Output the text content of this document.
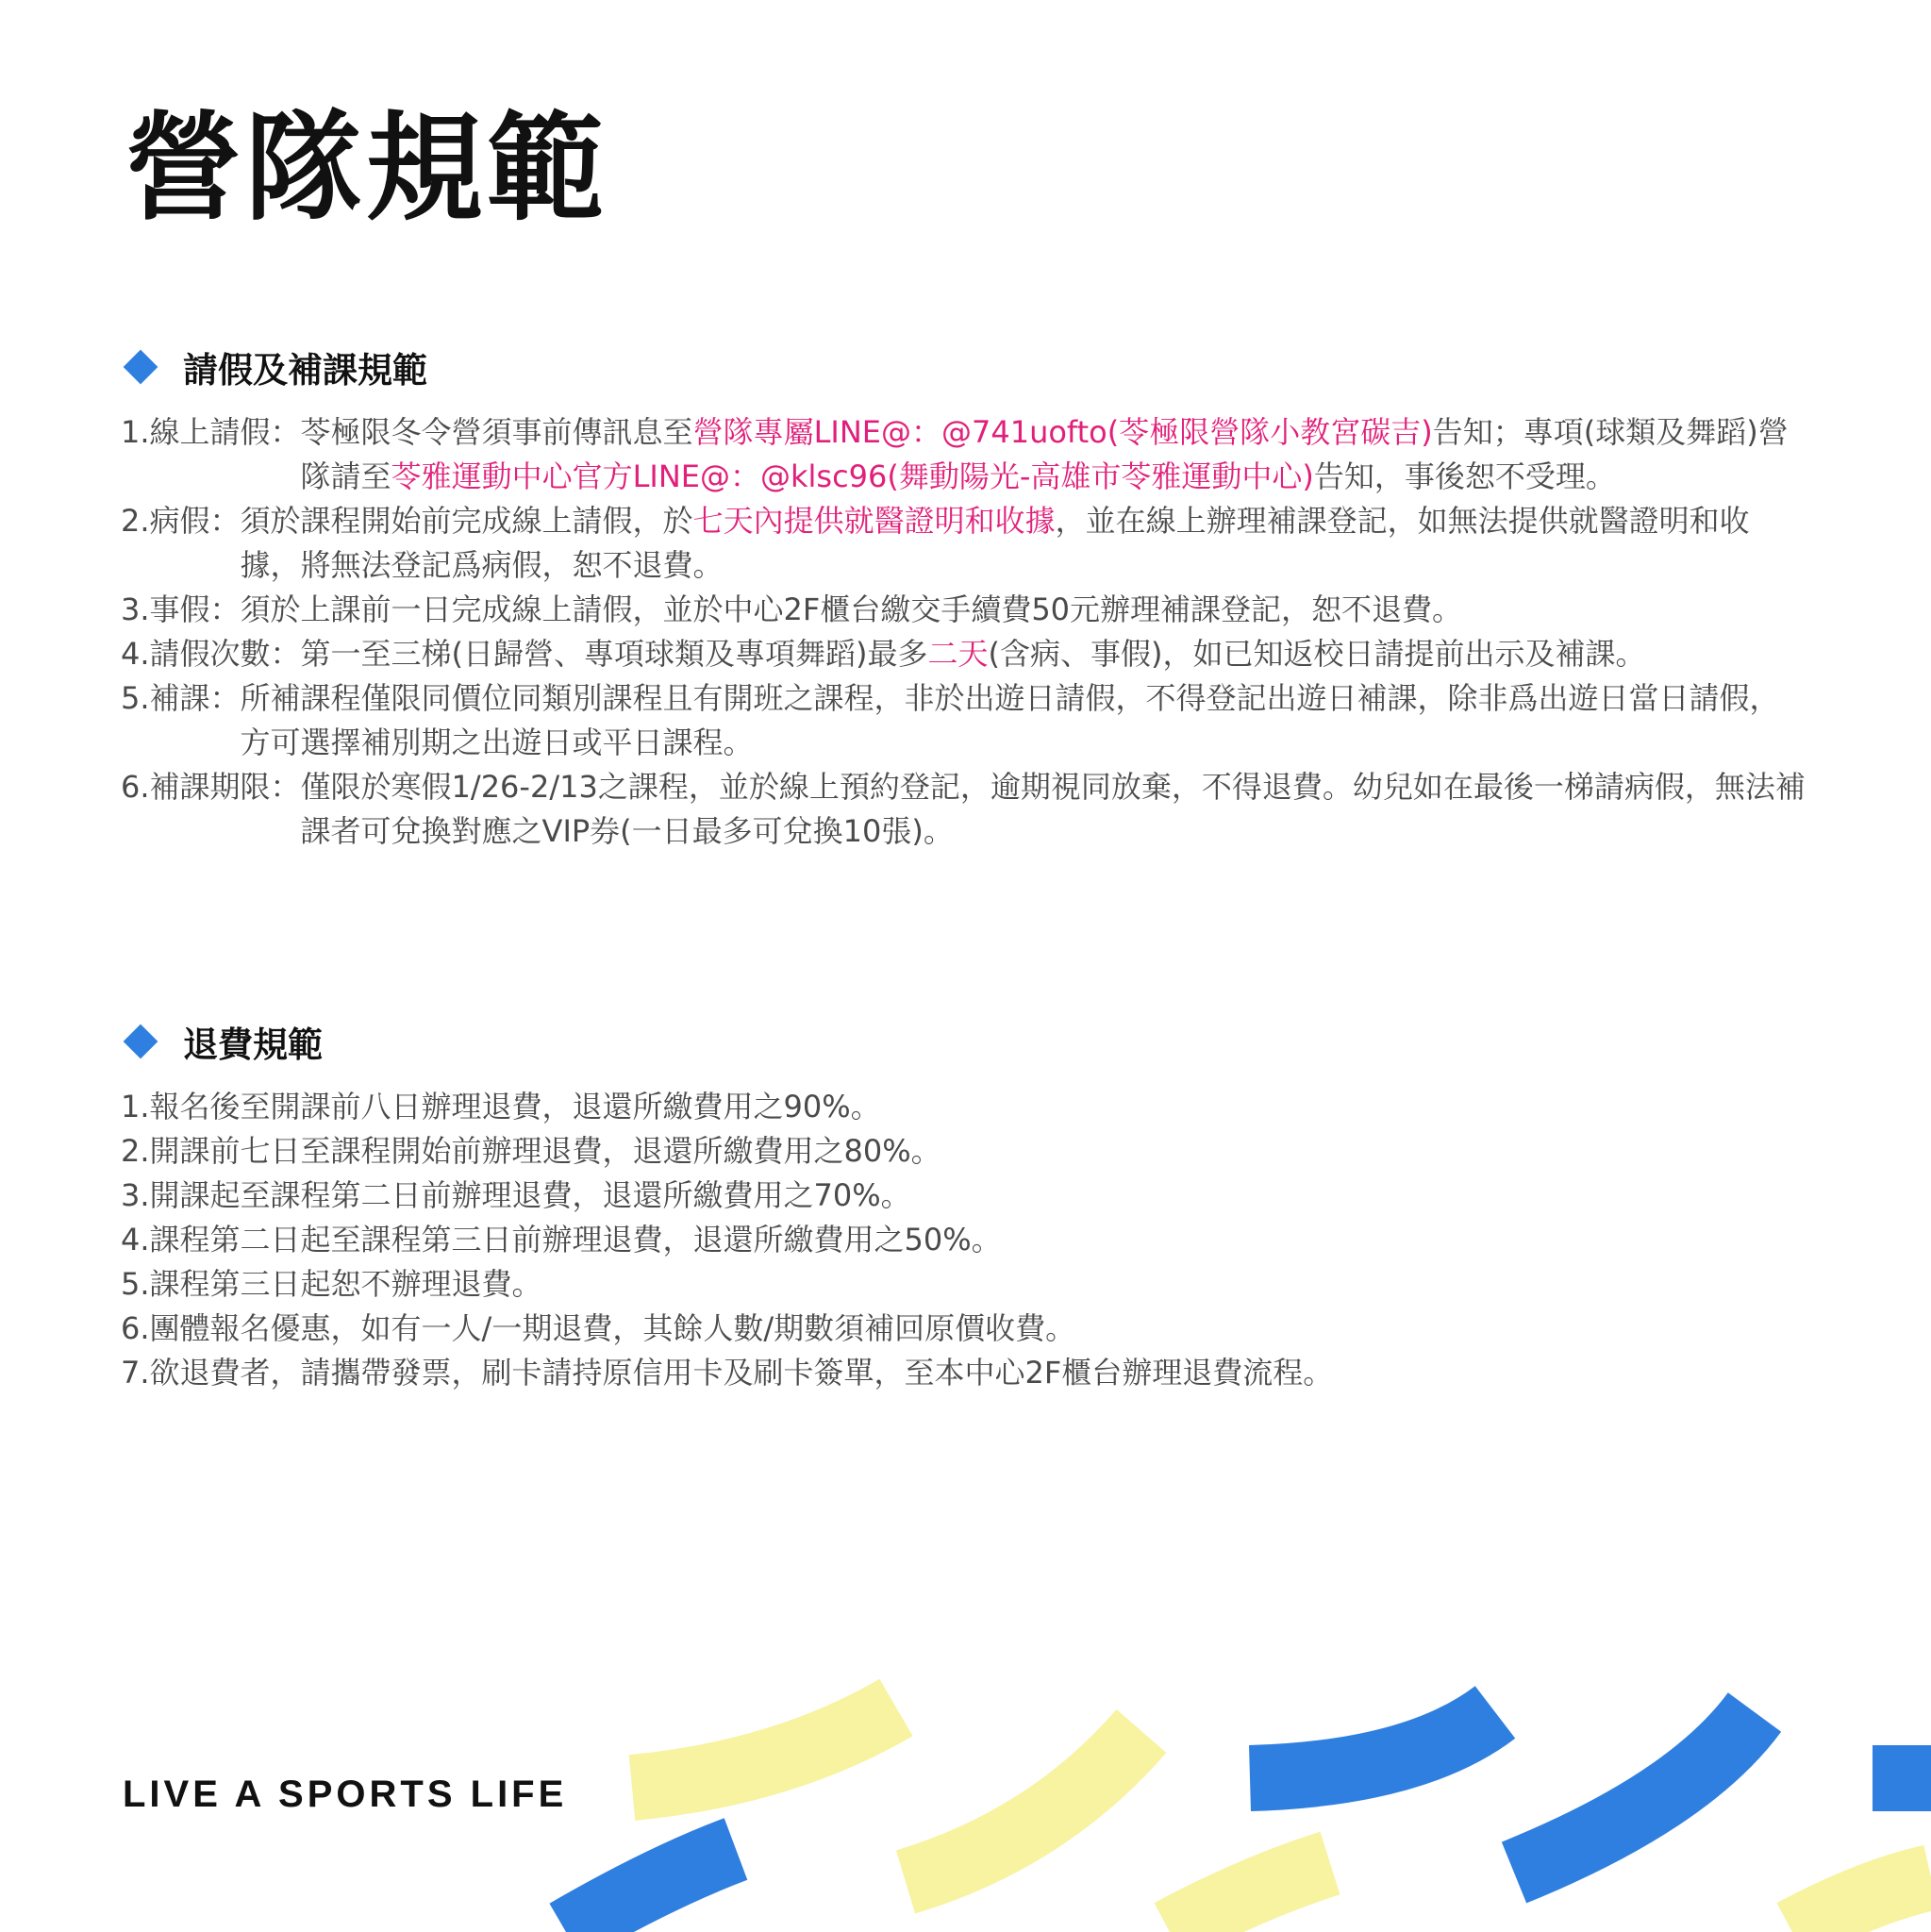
營隊規範
請假及補課規範
1.線上請假： 苓極限冬令營須事前傳訊息至營隊專屬LINE@：@741uofto(苓極限營隊小教宮碳吉)告知；專項(球類及舞蹈)營隊請至苓雅運動中心官方LINE@：@klsc96(舞動陽光-高雄市苓雅運動中心)告知，事後恕不受理。
2.病假： 須於課程開始前完成線上請假，於七天內提供就醫證明和收據，並在線上辦理補課登記，如無法提供就醫證明和收據，將無法登記爲病假，恕不退費。
3.事假： 須於上課前一日完成線上請假，並於中心2F櫃台繳交手續費50元辦理補課登記，恕不退費。
4.請假次數： 第一至三梯(日歸營、專項球類及專項舞蹈)最多二天(含病、事假)，如已知返校日請提前出示及補課。
5.補課： 所補課程僅限同價位同類別課程且有開班之課程，非於出遊日請假，不得登記出遊日補課，除非爲出遊日當日請假，方可選擇補別期之出遊日或平日課程。
6.補課期限： 僅限於寒假1/26-2/13之課程，並於線上預約登記，逾期視同放棄，不得退費。幼兒如在最後一梯請病假，無法補課者可兌換對應之VIP券(一日最多可兌換10張)。
退費規範
1.報名後至開課前八日辦理退費，退還所繳費用之90%。
2.開課前七日至課程開始前辦理退費，退還所繳費用之80%。
3.開課起至課程第二日前辦理退費，退還所繳費用之70%。
4.課程第二日起至課程第三日前辦理退費，退還所繳費用之50%。
5.課程第三日起恕不辦理退費。
6.團體報名優惠，如有一人/一期退費，其餘人數/期數須補回原價收費。
7.欲退費者，請攜帶發票，刷卡請持原信用卡及刷卡簽單，至本中心2F櫃台辦理退費流程。
LIVE A SPORTS LIFE
